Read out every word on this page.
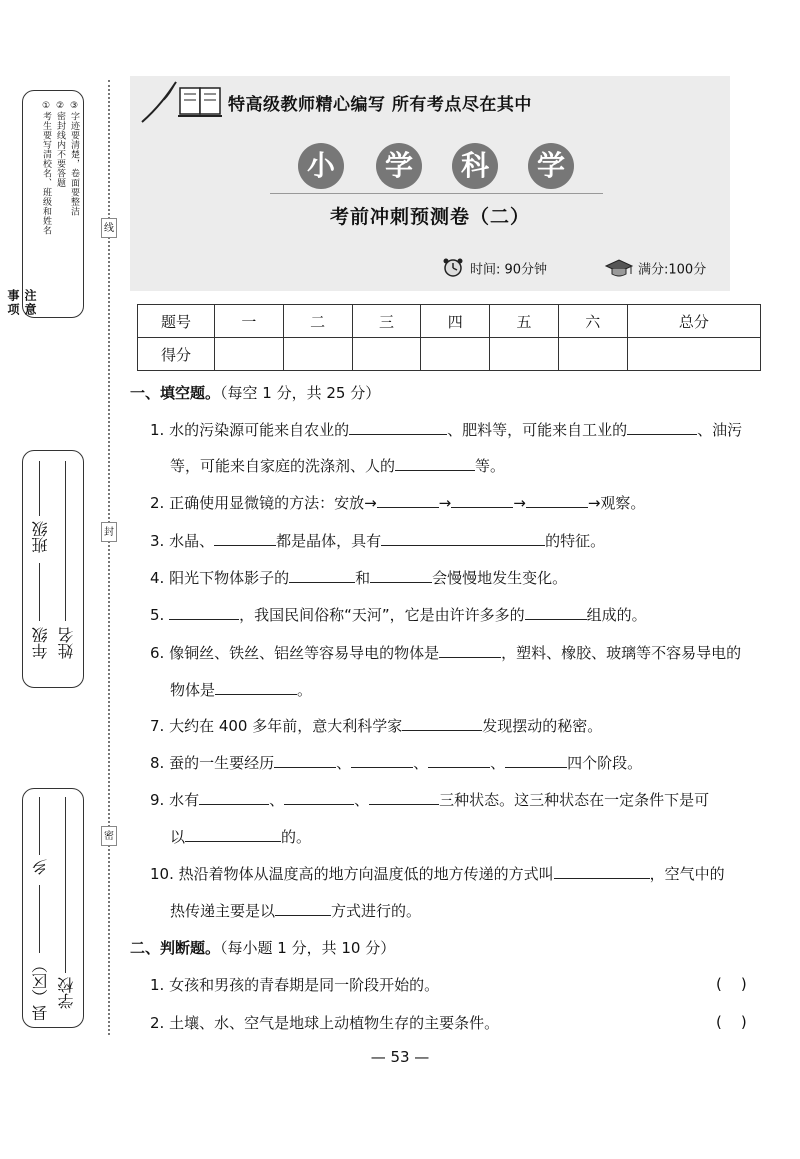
注意事项
①考生要写清校名、班级和姓名 ②密封线内不要答题 ③字迹要清楚，卷面要整洁
年级
班级
姓名
县（区）
乡
学校
线
封
密
特高级教师精心编写 所有考点尽在其中
小	学	科	学
考前冲刺预测卷（二）
时间: 90分钟	满分:100分
题号	一	二	三	四	五	六	总分
得分							
一、填空题。（每空 1 分，共 25 分）
1. 水的污染源可能来自农业的	、肥料等，可能来自工业的	、油污
等，可能来自家庭的洗涤剂、人的	等。
2. 正确使用显微镜的方法：安放→	→	→	→观察。
3. 水晶、	都是晶体，具有	的特征。
4. 阳光下物体影子的	和	会慢慢地发生变化。
5.	，我国民间俗称“天河”，它是由许许多多的	组成的。
6. 像铜丝、铁丝、铝丝等容易导电的物体是	，塑料、橡胶、玻璃等不容易导电的
物体是	。
7. 大约在 400 多年前，意大利科学家	发现摆动的秘密。
8. 蚕的一生要经历	、	、	、	四个阶段。
9. 水有	、	、	三种状态。这三种状态在一定条件下是可
以	的。
10. 热沿着物体从温度高的地方向温度低的地方传递的方式叫	，空气中的
热传递主要是以	方式进行的。
二、判断题。（每小题 1 分，共 10 分）
1. 女孩和男孩的青春期是同一阶段开始的。	(    )
2. 土壤、水、空气是地球上动植物生存的主要条件。	(    )
— 53 —
